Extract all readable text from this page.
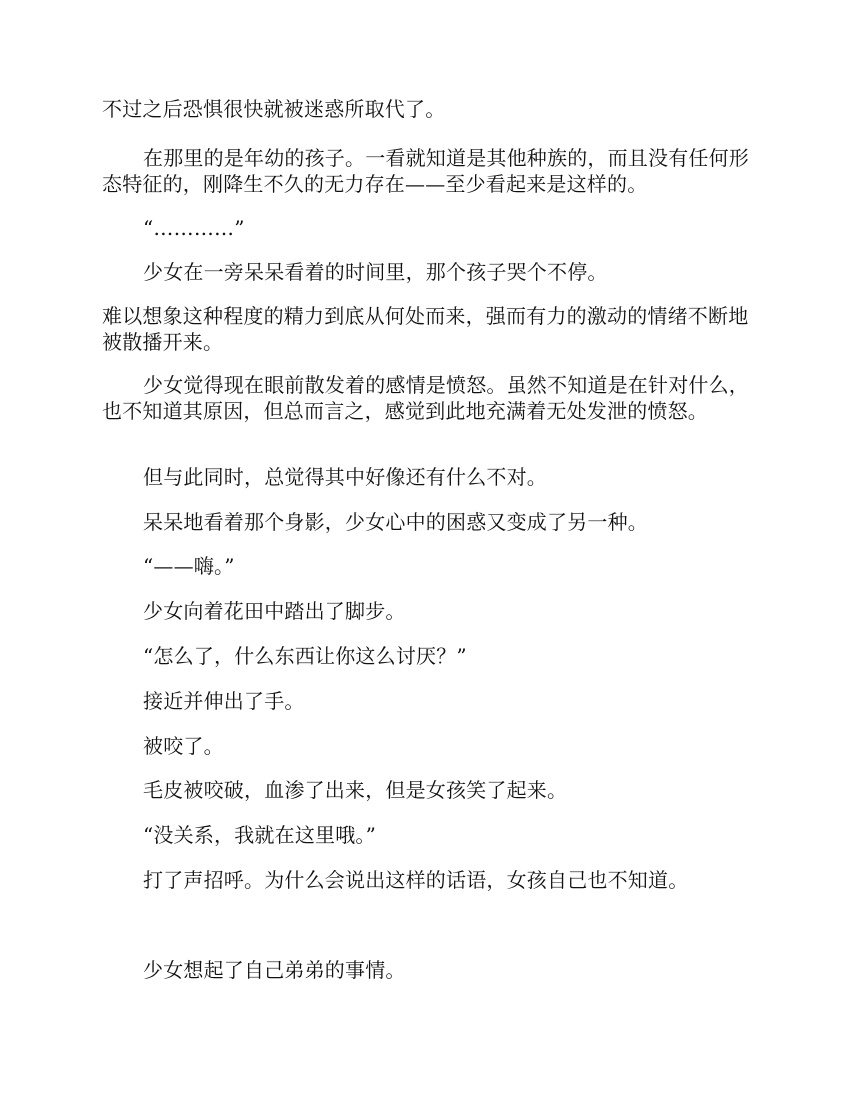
不过之后恐惧很快就被迷惑所取代了。

在那里的是年幼的孩子。一看就知道是其他种族的，而且没有任何形态特征的，刚降生不久的无力存在——至少看起来是这样的。

“…………”

少女在一旁呆呆看着的时间里，那个孩子哭个不停。

难以想象这种程度的精力到底从何处而来，强而有力的激动的情绪不断地被散播开来。

少女觉得现在眼前散发着的感情是愤怒。虽然不知道是在针对什么，也不知道其原因，但总而言之，感觉到此地充满着无处发泄的愤怒。

但与此同时，总觉得其中好像还有什么不对。

呆呆地看着那个身影，少女心中的困惑又变成了另一种。

“——嗨。”

少女向着花田中踏出了脚步。

“怎么了，什么东西让你这么讨厌？”

接近并伸出了手。

被咬了。

毛皮被咬破，血渗了出来，但是女孩笑了起来。

“没关系，我就在这里哦。”

打了声招呼。为什么会说出这样的话语，女孩自己也不知道。

少女想起了自己弟弟的事情。
